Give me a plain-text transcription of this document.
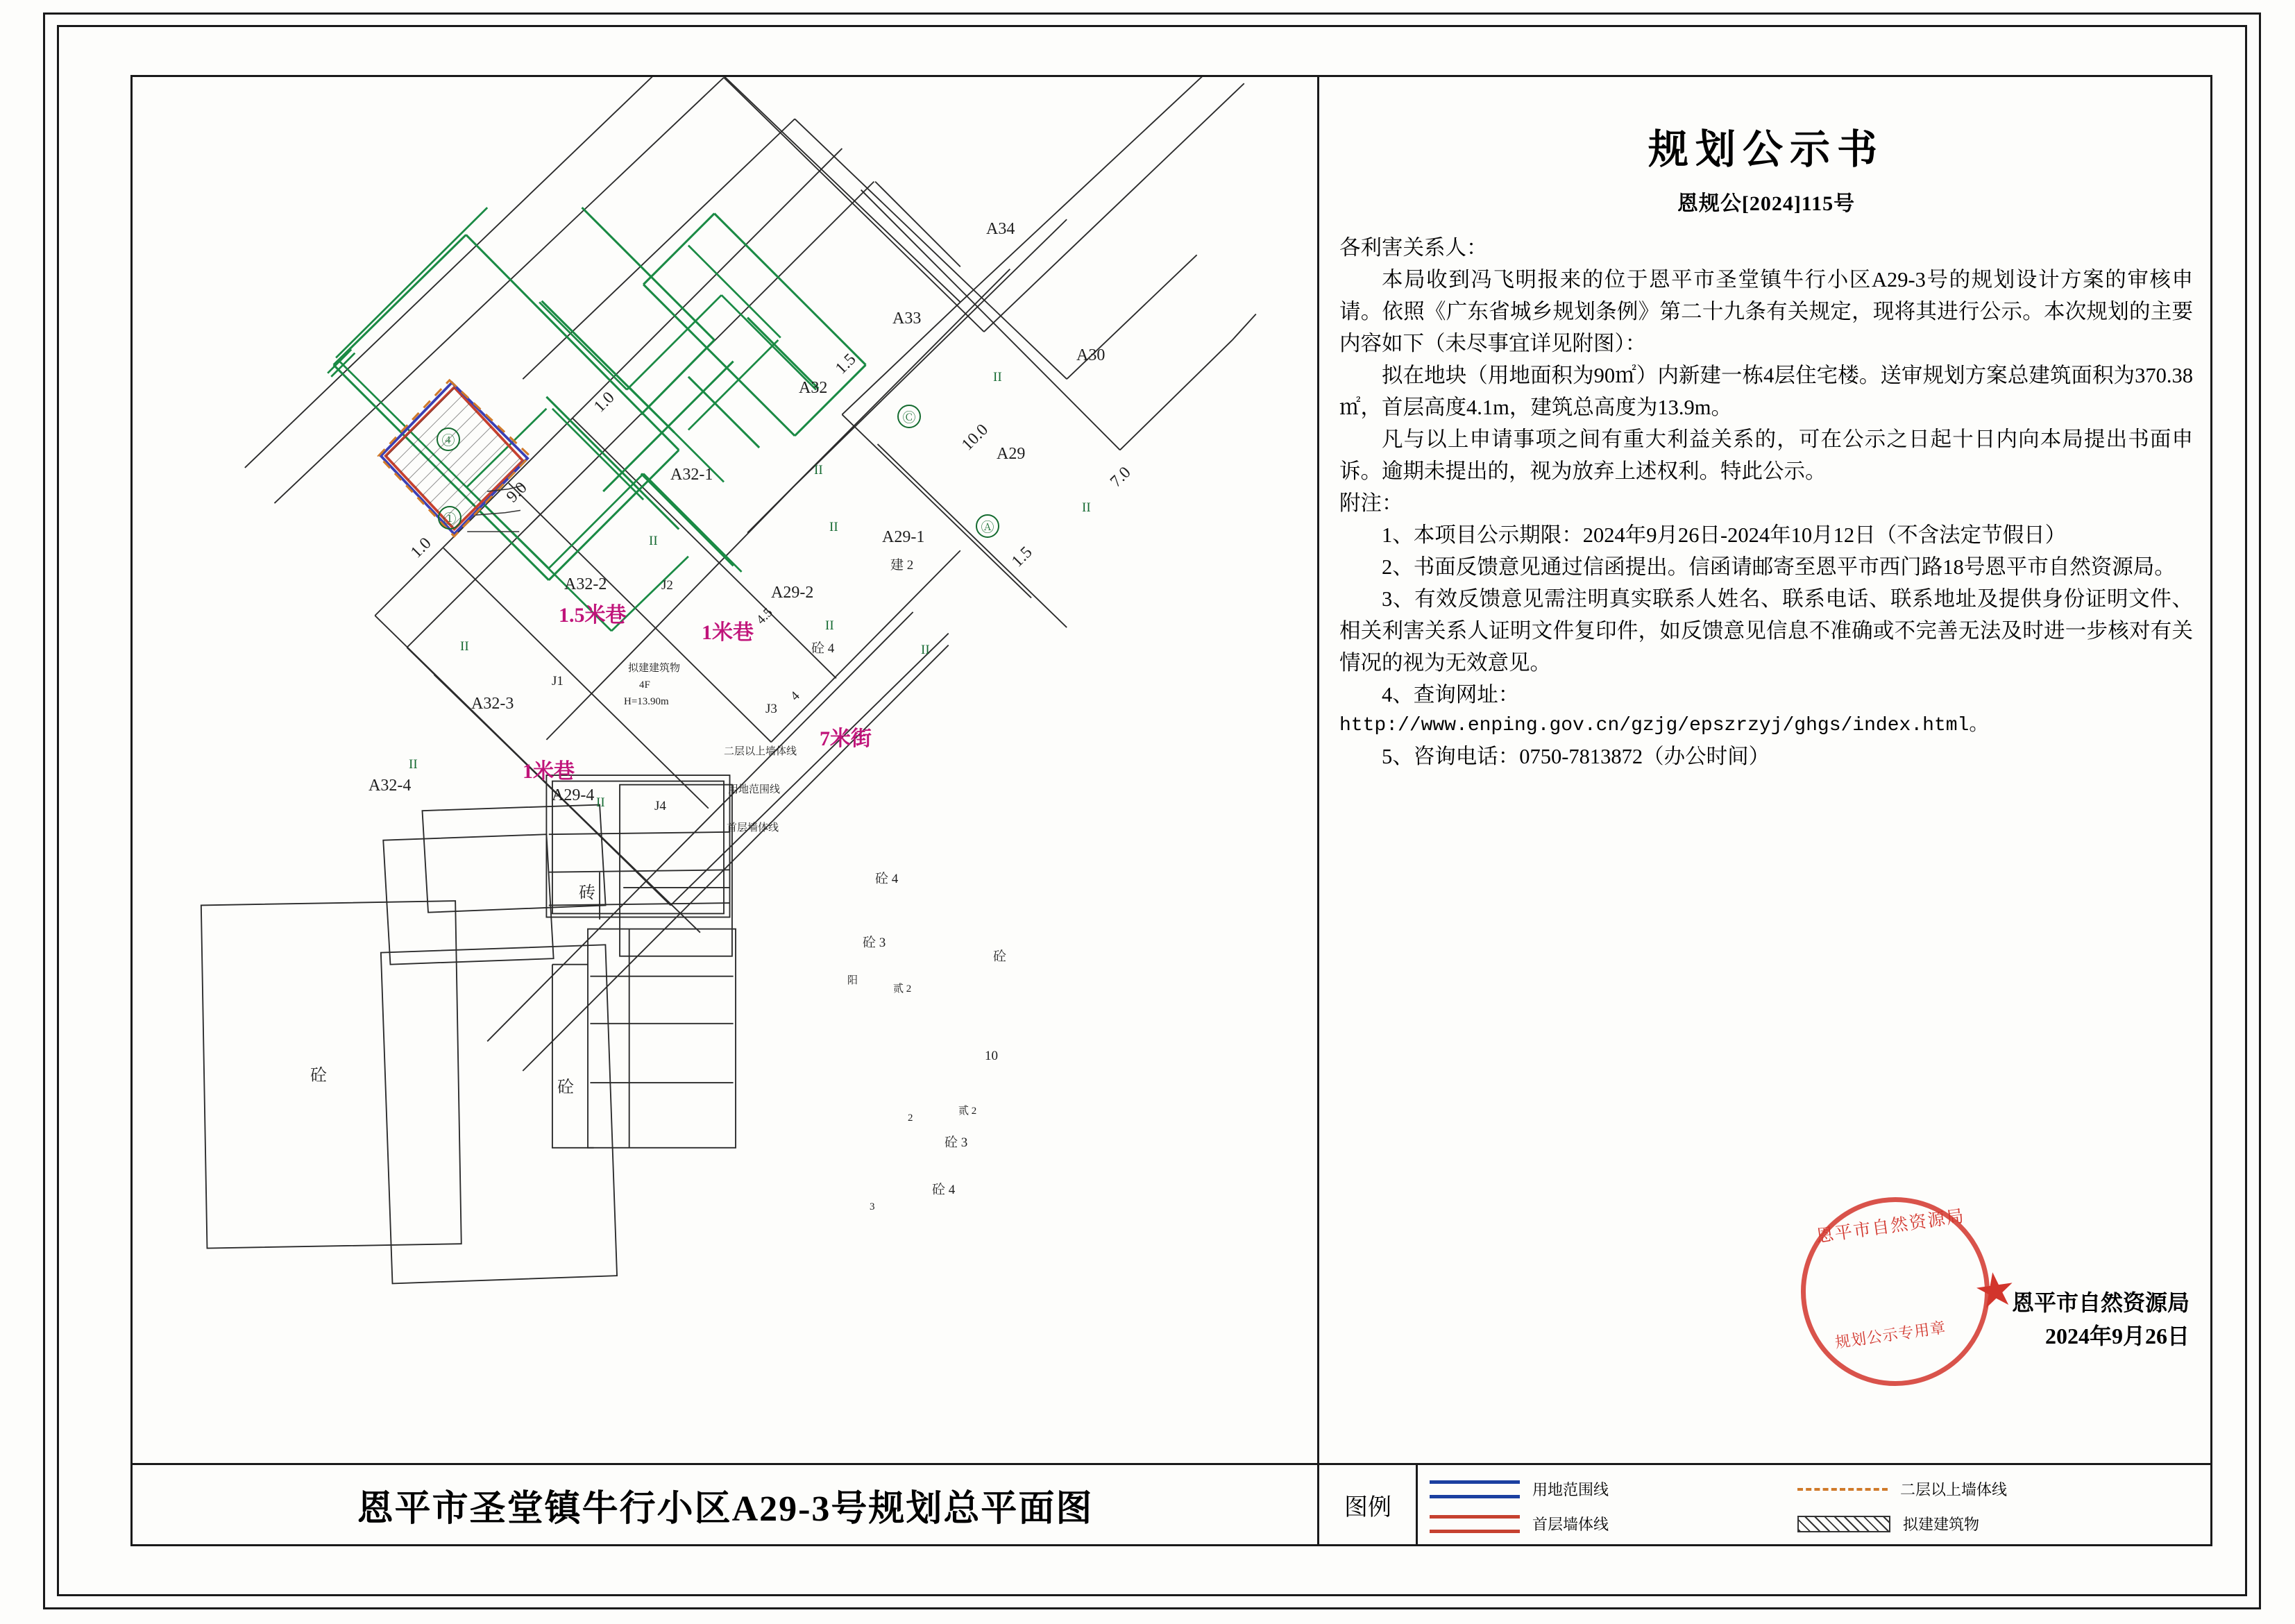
A34
A33
A30
A32
A29
A32-1
A29-1
建 2
A32-2	A29-2
A32-3
A32-4
A29-4
砼 4
砖
砼 4
砼 3
砼
阳
贰 2
10
贰 2
2
砼 3
砼 4
3
砼
砼
1.0
1.5
9.0
1.0
10.0
7.0
1.5
4.5
4
④
①
Ⓒ
Ⓐ
J2
J1
J3
J4
1.5米巷
1米巷
1米巷
7米街
拟建建筑物
4F
H=13.90m
二层以上墙体线
用地范围线
首层墙体线
II
II
II
II
II
II
II
II
II
II
规划公示书
恩规公[2024]115号

各利害关系人：

本局收到冯飞明报来的位于恩平市圣堂镇牛行小区A29-3号的规划设计方案的审核申请。依照《广东省城乡规划条例》第二十九条有关规定，现将其进行公示。本次规划的主要内容如下（未尽事宜详见附图）：

拟在地块（用地面积为90㎡）内新建一栋4层住宅楼。送审规划方案总建筑面积为370.38㎡，首层高度4.1m，建筑总高度为13.9m。

凡与以上申请事项之间有重大利益关系的，可在公示之日起十日内向本局提出书面申诉。逾期未提出的，视为放弃上述权利。特此公示。

附注：

1、本项目公示期限：2024年9月26日-2024年10月12日（不含法定节假日）

2、书面反馈意见通过信函提出。信函请邮寄至恩平市西门路18号恩平市自然资源局。

3、有效反馈意见需注明真实联系人姓名、联系电话、联系地址及提供身份证明文件、相关利害关系人证明文件复印件，如反馈意见信息不准确或不完善无法及时进一步核对有关情况的视为无效意见。

4、查询网址：

http://www.enping.gov.cn/gzjg/epszrzyj/ghgs/index.html。

5、咨询电话：0750-7813872（办公时间）

恩平市自然资源局
★
规划公示专用章
恩平市自然资源局
2024年9月26日
恩平市圣堂镇牛行小区A29-3号规划总平面图	图例
用地范围线
首层墙体线
二层以上墙体线
拟建建筑物
